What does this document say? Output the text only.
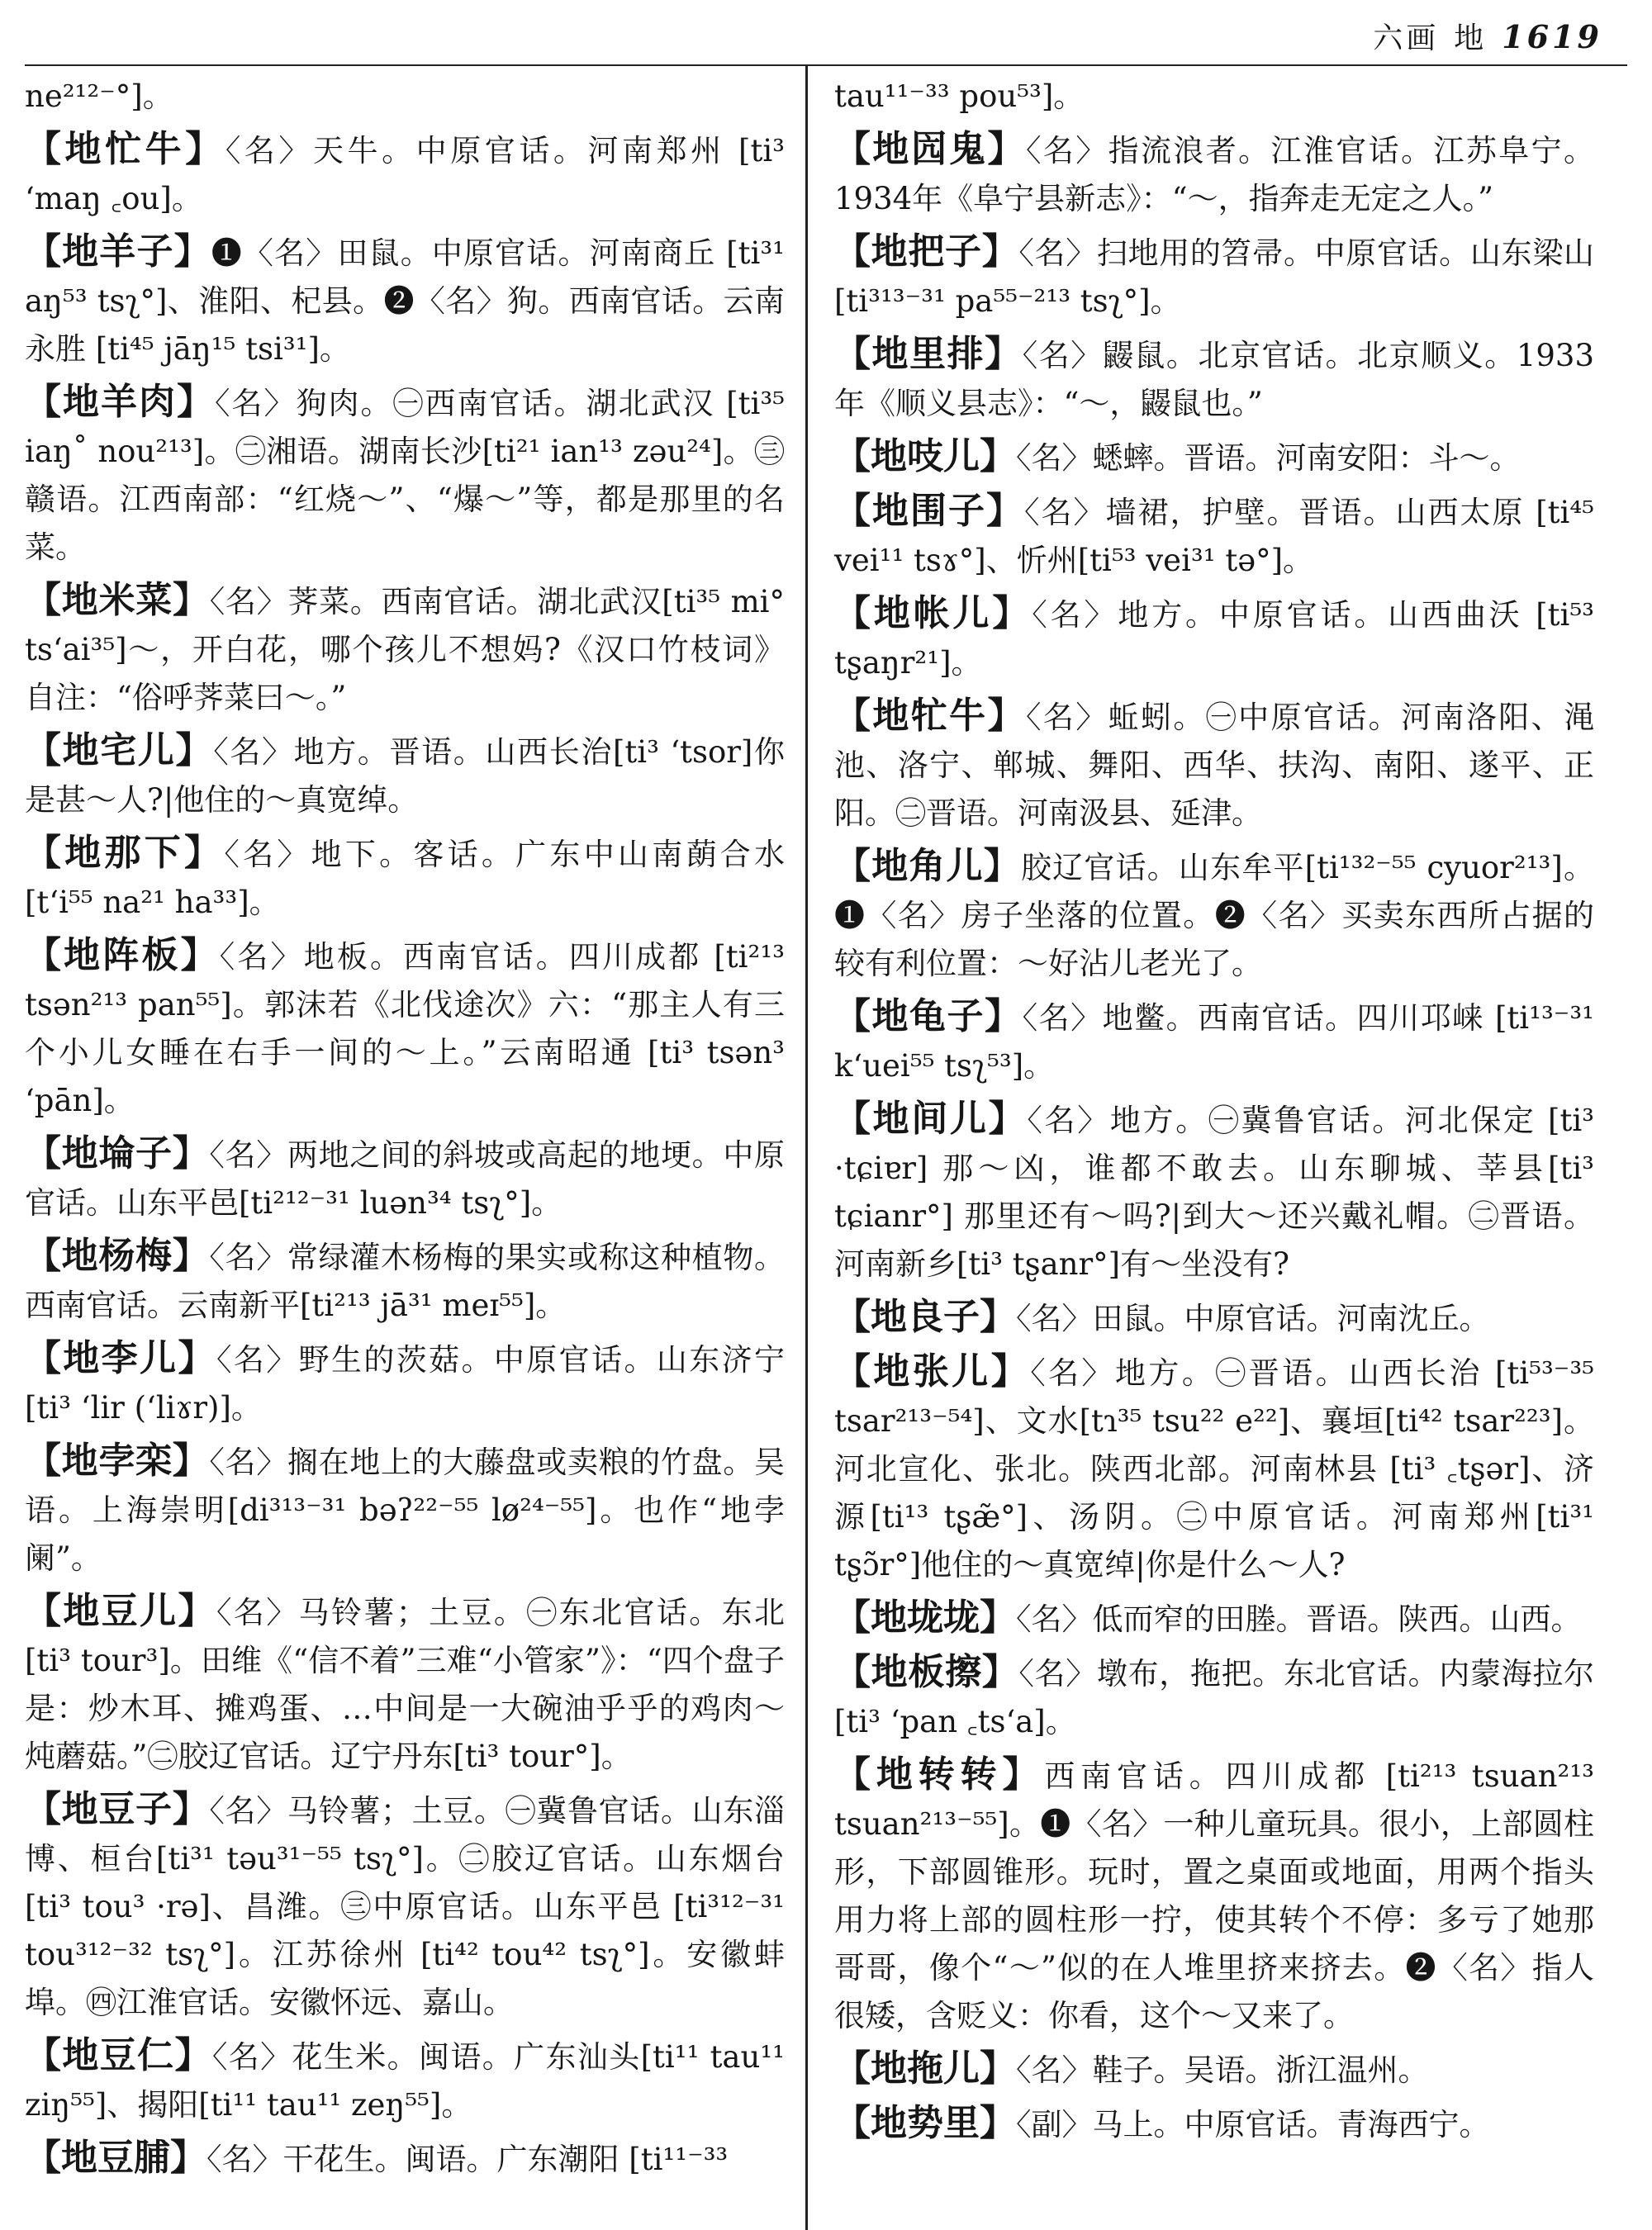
六画 地 1619
ne²¹²⁻°]。

【地忙牛】〈名〉天牛。中原官话。河南郑州 [ti³ ʻmaŋ ꜀ou]。

【地羊子】❶〈名〉田鼠。中原官话。河南商丘 [ti³¹ aŋ⁵³ tsʅ°]、淮阳、杞县。❷〈名〉狗。西南官话。云南永胜 [ti⁴⁵ jāŋ¹⁵ tsi³¹]。

【地羊肉】〈名〉狗肉。㊀西南官话。湖北武汉 [ti³⁵ iaŋ˚ nou²¹³]。㊁湘语。湖南长沙[ti²¹ ian¹³ zəu²⁴]。㊂赣语。江西南部：“红烧～”、“爆～”等，都是那里的名菜。

【地米菜】〈名〉荠菜。西南官话。湖北武汉[ti³⁵ mi° tsʻai³⁵]～，开白花，哪个孩儿不想妈?《汉口竹枝词》自注：“俗呼荠菜曰～。”

【地宅儿】〈名〉地方。晋语。山西长治[ti³ ʻtsor]你是甚～人?|他住的～真宽绰。

【地那下】〈名〉地下。客话。广东中山南蓢合水 [tʻi⁵⁵ na²¹ ha³³]。

【地阵板】〈名〉地板。西南官话。四川成都 [ti²¹³ tsən²¹³ pan⁵⁵]。郭沫若《北伐途次》六：“那主人有三个小儿女睡在右手一间的～上。”云南昭通 [ti³ tsən³ ʻpān]。

【地埨子】〈名〉两地之间的斜坡或高起的地埂。中原官话。山东平邑[ti²¹²⁻³¹ luən³⁴ tsʅ°]。

【地杨梅】〈名〉常绿灌木杨梅的果实或称这种植物。西南官话。云南新平[ti²¹³ jā³¹ meɪ⁵⁵]。

【地李儿】〈名〉野生的茨菇。中原官话。山东济宁 [ti³ ʻlir (ʻliɤr)]。

【地孛栾】〈名〉搁在地上的大藤盘或卖粮的竹盘。吴语。上海崇明[di³¹³⁻³¹ bəʔ²²⁻⁵⁵ lø²⁴⁻⁵⁵]。也作“地孛阑”。

【地豆儿】〈名〉马铃薯；土豆。㊀东北官话。东北 [ti³ tour³]。田维《“信不着”三难“小管家”》：“四个盘子是：炒木耳、摊鸡蛋、…中间是一大碗油乎乎的鸡肉～炖蘑菇。”㊁胶辽官话。辽宁丹东[ti³ tour°]。

【地豆子】〈名〉马铃薯；土豆。㊀冀鲁官话。山东淄博、桓台[ti³¹ təu³¹⁻⁵⁵ tsʅ°]。㊁胶辽官话。山东烟台 [ti³ tou³ ·rə]、昌潍。㊂中原官话。山东平邑 [ti³¹²⁻³¹ tou³¹²⁻³² tsʅ°]。江苏徐州 [ti⁴² tou⁴² tsʅ°]。安徽蚌埠。㊃江淮官话。安徽怀远、嘉山。

【地豆仁】〈名〉花生米。闽语。广东汕头[ti¹¹ tau¹¹ ziŋ⁵⁵]、揭阳[ti¹¹ tau¹¹ zeŋ⁵⁵]。

【地豆脯】〈名〉干花生。闽语。广东潮阳 [ti¹¹⁻³³

tau¹¹⁻³³ pou⁵³]。

【地囥鬼】〈名〉指流浪者。江淮官话。江苏阜宁。1934年《阜宁县新志》：“～，指奔走无定之人。”

【地把子】〈名〉扫地用的笤帚。中原官话。山东梁山 [ti³¹³⁻³¹ pa⁵⁵⁻²¹³ tsʅ°]。

【地里排】〈名〉鼹鼠。北京官话。北京顺义。1933年《顺义县志》：“～，鼹鼠也。”

【地吱儿】〈名〉蟋蟀。晋语。河南安阳：斗～。

【地围子】〈名〉墙裙，护壁。晋语。山西太原 [ti⁴⁵ vei¹¹ tsɤ°]、忻州[ti⁵³ vei³¹ tə°]。

【地帐儿】〈名〉地方。中原官话。山西曲沃 [ti⁵³ tʂaŋr²¹]。

【地牤牛】〈名〉蚯蚓。㊀中原官话。河南洛阳、渑池、洛宁、郸城、舞阳、西华、扶沟、南阳、遂平、正阳。㊁晋语。河南汲县、延津。

【地角儿】胶辽官话。山东牟平[ti¹³²⁻⁵⁵ cyuor²¹³]。❶〈名〉房子坐落的位置。❷〈名〉买卖东西所占据的较有利位置：～好沾儿老光了。

【地龟子】〈名〉地鳖。西南官话。四川邛崃 [ti¹³⁻³¹ kʻuei⁵⁵ tsʅ⁵³]。

【地间儿】〈名〉地方。㊀冀鲁官话。河北保定 [ti³ ·tɕiɐr] 那～凶，谁都不敢去。山东聊城、莘县[ti³ tɕianr°] 那里还有～吗?|到大～还兴戴礼帽。㊁晋语。河南新乡[ti³ tʂanr°]有～坐没有?

【地良子】〈名〉田鼠。中原官话。河南沈丘。

【地张儿】〈名〉地方。㊀晋语。山西长治 [ti⁵³⁻³⁵ tsar²¹³⁻⁵⁴]、文水[tɿ³⁵ tsu²² e²²]、襄垣[ti⁴² tsar²²³]。河北宣化、张北。陕西北部。河南林县 [ti³ ꜀tʂər]、济源[ti¹³ tʂæ̃°]、汤阴。㊁中原官话。河南郑州[ti³¹ tʂɔ̃r°]他住的～真宽绰|你是什么～人?

【地垅垅】〈名〉低而窄的田塍。晋语。陕西。山西。

【地板擦】〈名〉墩布，拖把。东北官话。内蒙海拉尔 [ti³ ʻpan ꜀tsʻa]。

【地转转】西南官话。四川成都 [ti²¹³ tsuan²¹³ tsuan²¹³⁻⁵⁵]。❶〈名〉一种儿童玩具。很小，上部圆柱形，下部圆锥形。玩时，置之桌面或地面，用两个指头用力将上部的圆柱形一拧，使其转个不停：多亏了她那哥哥，像个“～”似的在人堆里挤来挤去。❷〈名〉指人很矮，含贬义：你看，这个～又来了。

【地拖儿】〈名〉鞋子。吴语。浙江温州。

【地势里】〈副〉马上。中原官话。青海西宁。
